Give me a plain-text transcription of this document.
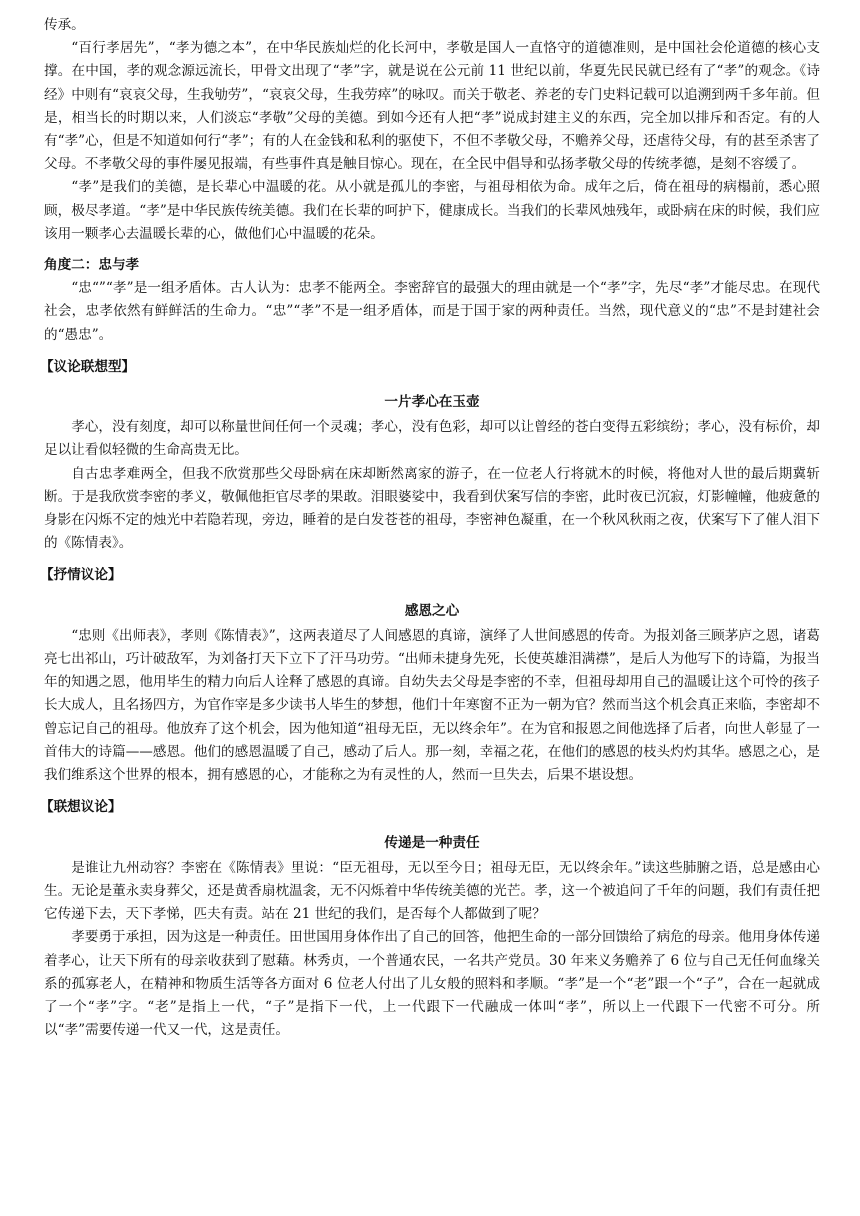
传承。

“百行孝居先”，“孝为德之本”，在中华民族灿烂的化长河中，孝敬是国人一直恪守的道德准则，是中国社会伦道德的核心支撑。在中国，孝的观念源远流长，甲骨文出现了“孝”字，就是说在公元前 11 世纪以前，华夏先民民就已经有了“孝”的观念。《诗经》中则有“哀哀父母，生我劬劳”，“哀哀父母，生我劳瘁”的咏叹。而关于敬老、养老的专门史料记载可以追溯到两千多年前。但是，相当长的时期以来，人们淡忘“孝敬”父母的美德。到如今还有人把“孝”说成封建主义的东西，完全加以排斥和否定。有的人有“孝”心，但是不知道如何行“孝”；有的人在金钱和私利的驱使下，不但不孝敬父母，不赡养父母，还虐待父母，有的甚至杀害了父母。不孝敬父母的事件屡见报端，有些事件真是触目惊心。现在，在全民中倡导和弘扬孝敬父母的传统孝德，是刻不容缓了。

“孝”是我们的美德，是长辈心中温暖的花。从小就是孤儿的李密，与祖母相依为命。成年之后，倚在祖母的病榻前，悉心照顾，极尽孝道。“孝”是中华民族传统美德。我们在长辈的呵护下，健康成长。当我们的长辈风烛残年，或卧病在床的时候，我们应该用一颗孝心去温暖长辈的心，做他们心中温暖的花朵。

角度二：忠与孝

“忠“”“孝”是一组矛盾体。古人认为：忠孝不能两全。李密辞官的最强大的理由就是一个“孝”字，先尽“孝”才能尽忠。在现代社会，忠孝依然有鲜鲜活的生命力。“忠”“孝”不是一组矛盾体，而是于国于家的两种责任。当然，现代意义的“忠”不是封建社会的“愚忠”。

【议论联想型】

一片孝心在玉壶

孝心，没有刻度，却可以称量世间任何一个灵魂；孝心，没有色彩，却可以让曾经的苍白变得五彩缤纷；孝心，没有标价，却足以让看似轻微的生命高贵无比。

自古忠孝难两全，但我不欣赏那些父母卧病在床却断然离家的游子，在一位老人行将就木的时候，将他对人世的最后期冀斩断。于是我欣赏李密的孝义，敬佩他拒官尽孝的果敢。泪眼婆娑中，我看到伏案写信的李密，此时夜已沉寂，灯影幢幢，他疲惫的身影在闪烁不定的烛光中若隐若现，旁边，睡着的是白发苍苍的祖母，李密神色凝重，在一个秋风秋雨之夜，伏案写下了催人泪下的《陈情表》。

【抒情议论】

感恩之心

“忠则《出师表》，孝则《陈情表》”，这两表道尽了人间感恩的真谛，演绎了人世间感恩的传奇。为报刘备三顾茅庐之恩，诸葛亮七出祁山，巧计破敌军，为刘备打天下立下了汗马功劳。“出师未捷身先死，长使英雄泪满襟”，是后人为他写下的诗篇，为报当年的知遇之恩，他用毕生的精力向后人诠释了感恩的真谛。自幼失去父母是李密的不幸，但祖母却用自己的温暖让这个可怜的孩子长大成人，且名扬四方，为官作宰是多少读书人毕生的梦想，他们十年寒窗不正为一朝为官？然而当这个机会真正来临，李密却不曾忘记自己的祖母。他放弃了这个机会，因为他知道“祖母无臣，无以终余年”。在为官和报恩之间他选择了后者，向世人彰显了一首伟大的诗篇——感恩。他们的感恩温暖了自己，感动了后人。那一刻，幸福之花，在他们的感恩的枝头灼灼其华。感恩之心，是我们维系这个世界的根本，拥有感恩的心，才能称之为有灵性的人，然而一旦失去，后果不堪设想。

【联想议论】

传递是一种责任

是谁让九州动容？李密在《陈情表》里说：“臣无祖母，无以至今日；祖母无臣，无以终余年。”读这些肺腑之语，总是感由心生。无论是董永卖身葬父，还是黄香扇枕温衾，无不闪烁着中华传统美德的光芒。孝，这一个被追问了千年的问题，我们有责任把它传递下去，天下孝悌，匹夫有责。站在 21 世纪的我们，是否每个人都做到了呢？

孝要勇于承担，因为这是一种责任。田世国用身体作出了自己的回答，他把生命的一部分回馈给了病危的母亲。他用身体传递着孝心，让天下所有的母亲收获到了慰藉。林秀贞，一个普通农民，一名共产党员。30 年来义务赡养了 6 位与自己无任何血缘关系的孤寡老人，在精神和物质生活等各方面对 6 位老人付出了儿女般的照料和孝顺。“孝”是一个“老”跟一个“子”，合在一起就成了一个“孝”字。“老”是指上一代，“子”是指下一代，上一代跟下一代融成一体叫“孝”，所以上一代跟下一代密不可分。所以“孝”需要传递一代又一代，这是责任。
